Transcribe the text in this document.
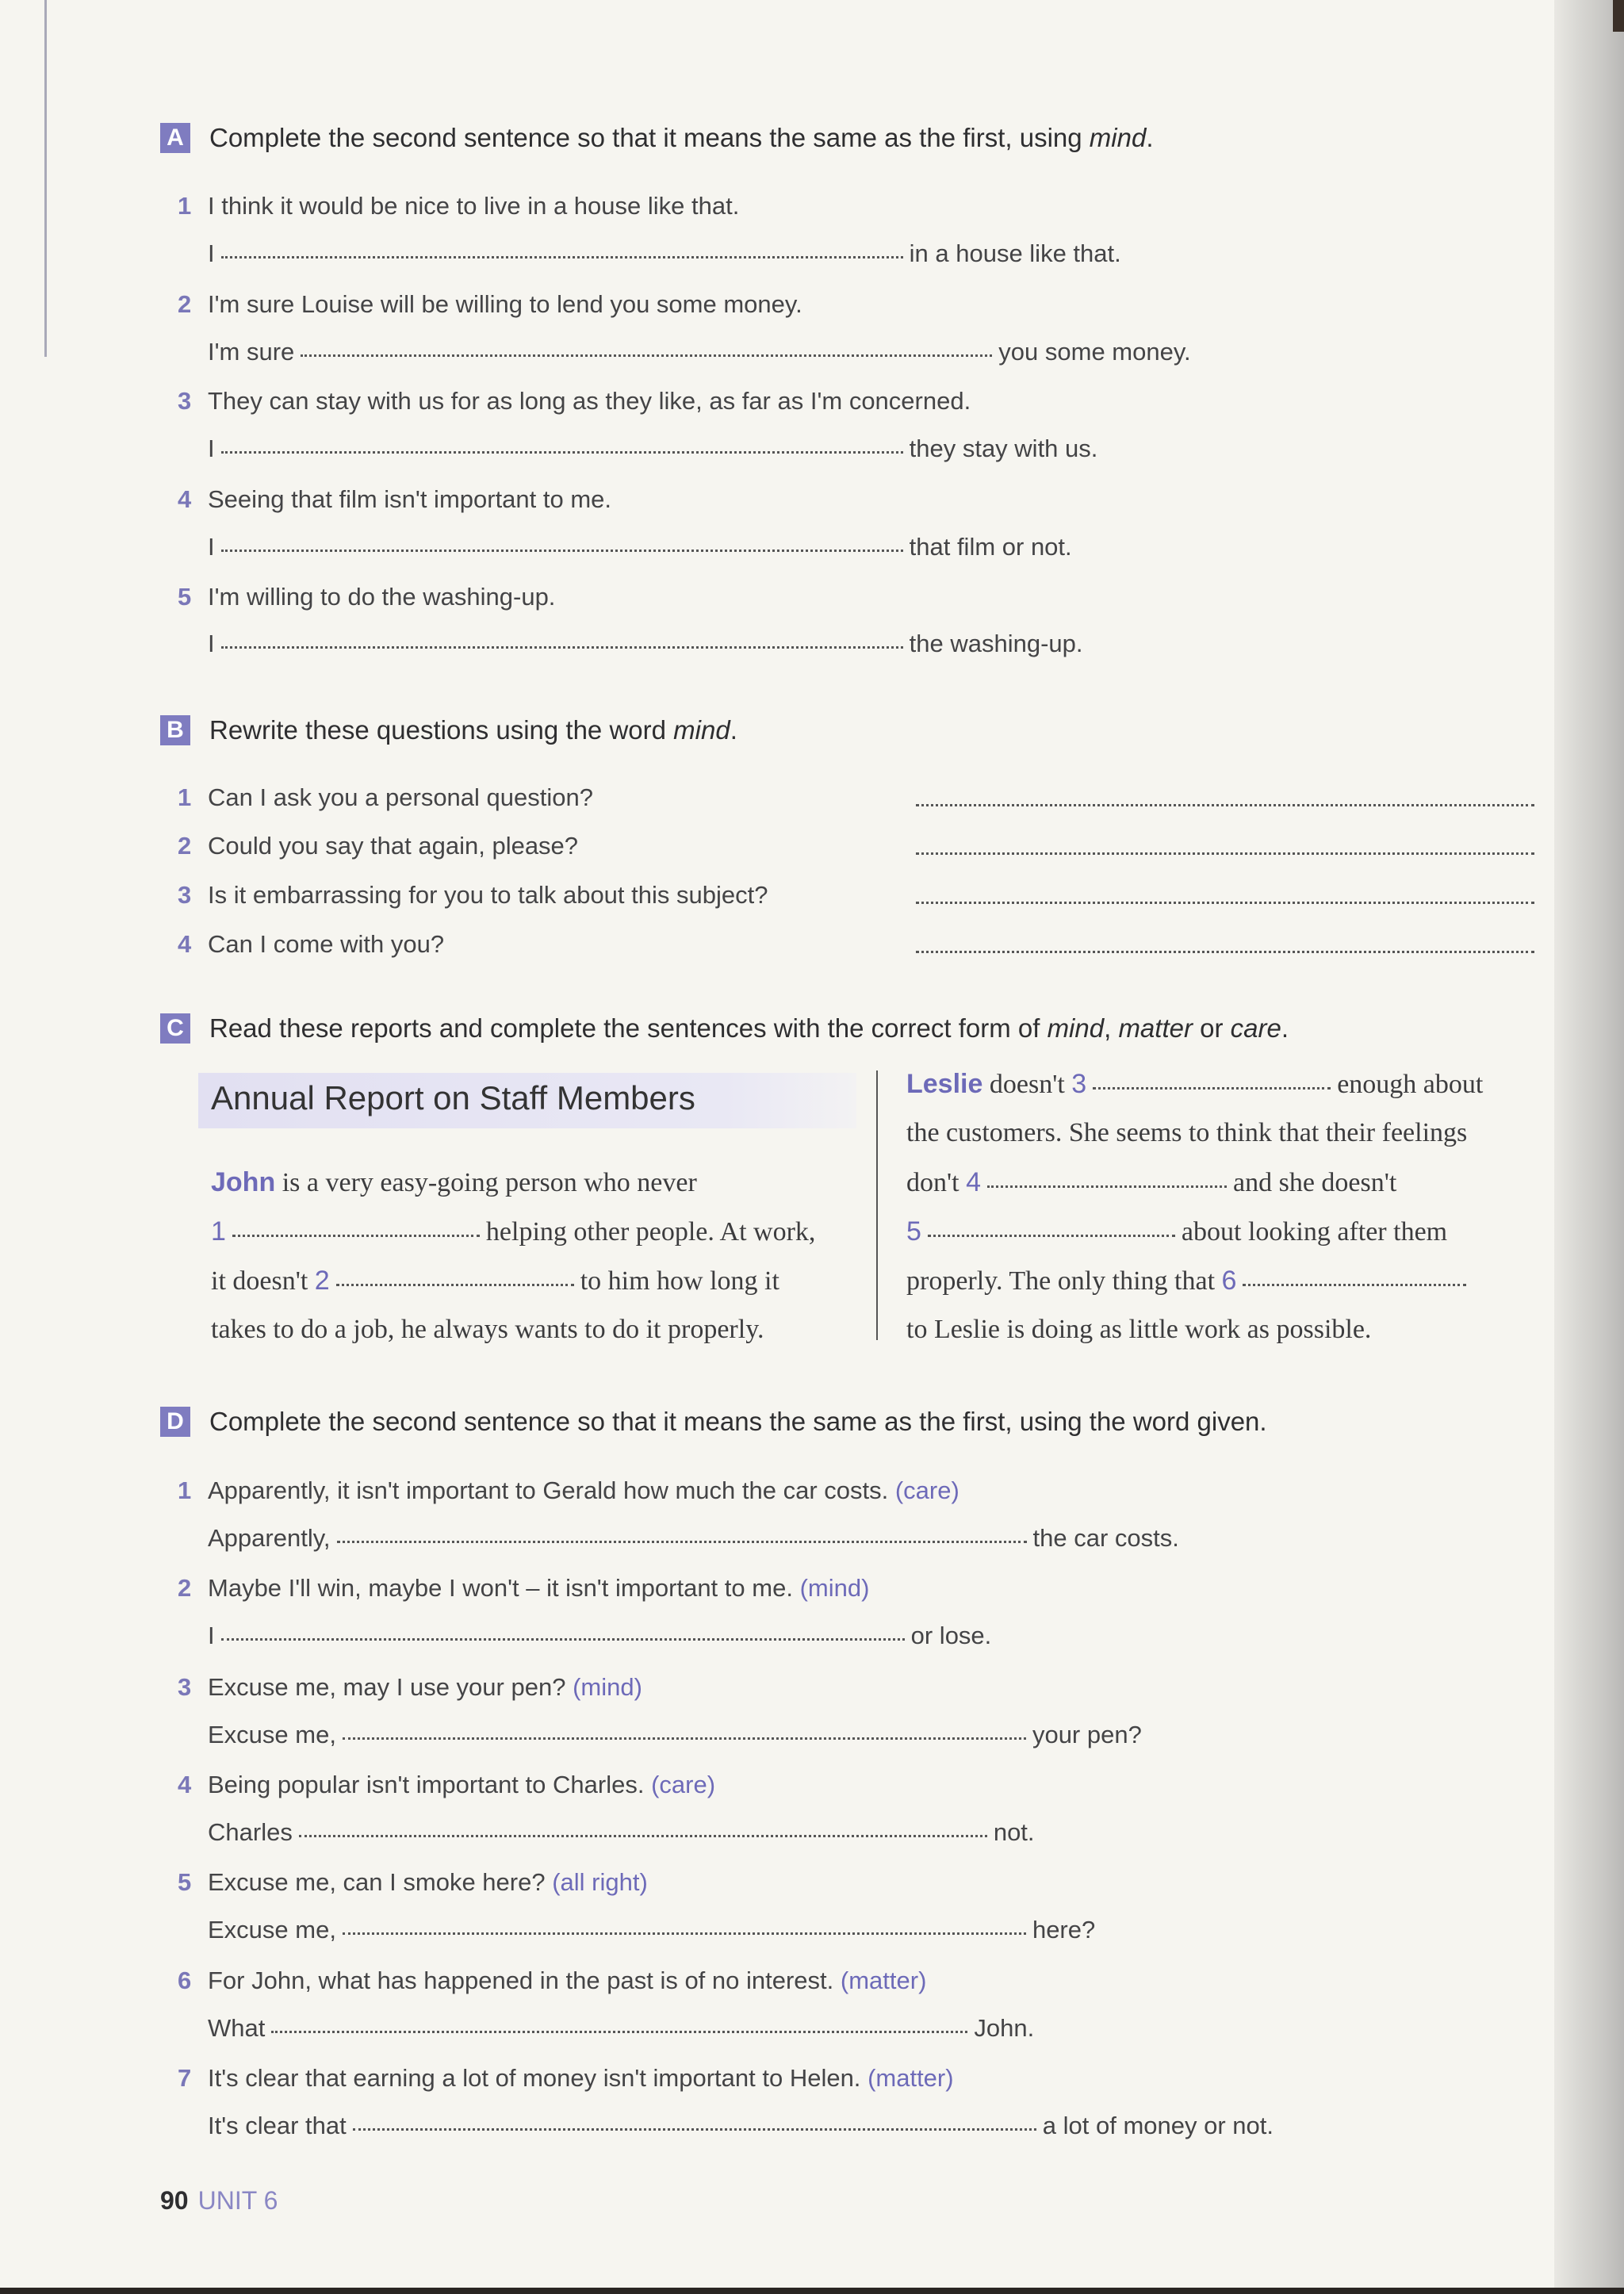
A Complete the second sentence so that it means the same as the first, using mind.
1 I think it would be nice to live in a house like that.
I	in a house like that.
2 I'm sure Louise will be willing to lend you some money.
I'm sure	you some money.
3 They can stay with us for as long as they like, as far as I'm concerned.
I	they stay with us.
4 Seeing that film isn't important to me.
I	that film or not.
5 I'm willing to do the washing-up.
I	the washing-up.
B Rewrite these questions using the word mind.
1 Can I ask you a personal question?
2 Could you say that again, please?
3 Is it embarrassing for you to talk about this subject?
4 Can I come with you?
C Read these reports and complete the sentences with the correct form of mind, matter or care.
Annual Report on Staff Members
John is a very easy-going person who never
1	helping other people. At work,
it doesn't 2	to him how long it
takes to do a job, he always wants to do it properly.
Leslie doesn't 3	enough about
the customers. She seems to think that their feelings
don't 4	and she doesn't
5	about looking after them
properly. The only thing that 6
to Leslie is doing as little work as possible.
D Complete the second sentence so that it means the same as the first, using the word given.
1 Apparently, it isn't important to Gerald how much the car costs.
(care)
Apparently,	the car costs.
2 Maybe I'll win, maybe I won't – it isn't important to me.
(mind)
I	or lose.
3 Excuse me, may I use your pen?
(mind)
Excuse me,	your pen?
4 Being popular isn't important to Charles.
(care)
Charles	not.
5 Excuse me, can I smoke here?
(all right)
Excuse me,	here?
6 For John, what has happened in the past is of no interest.
(matter)
What	John.
7 It's clear that earning a lot of money isn't important to Helen.
(matter)
It's clear that	a lot of money or not.
90 UNIT 6
